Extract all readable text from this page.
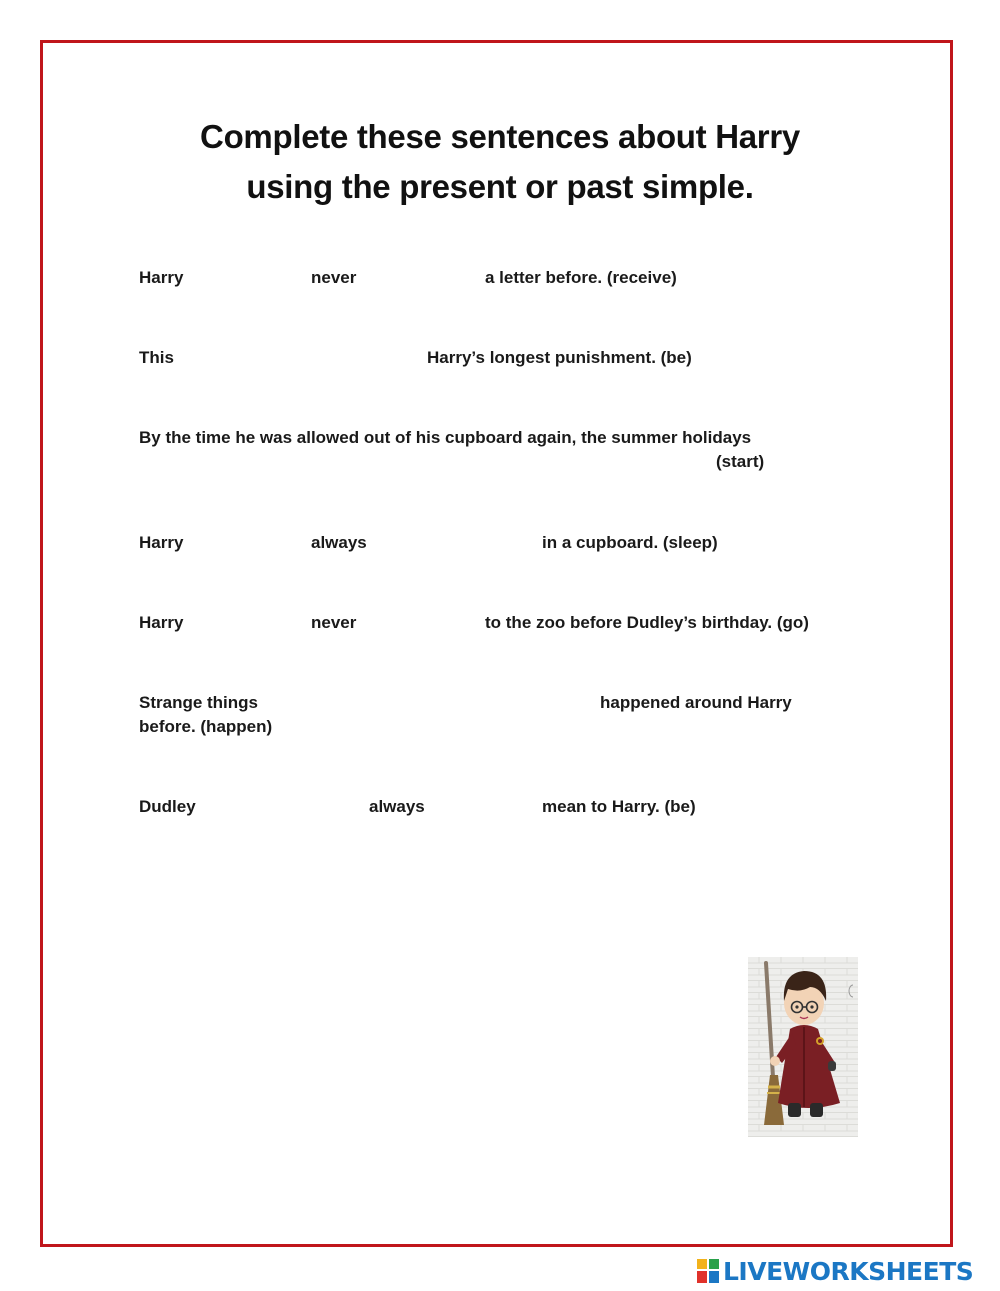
Complete these sentences about Harry
using the present or past simple.
Harry	never	a letter before. (receive)
This	Harry’s longest punishment. (be)
By the time he was allowed out of his cupboard again, the summer holidays
(start)
Harry	always	in a cupboard. (sleep)
Harry	never	to the zoo before Dudley’s birthday. (go)
Strange things	happened around Harry
before. (happen)
Dudley	always	mean to Harry. (be)
LIVEWORKSHEETS
